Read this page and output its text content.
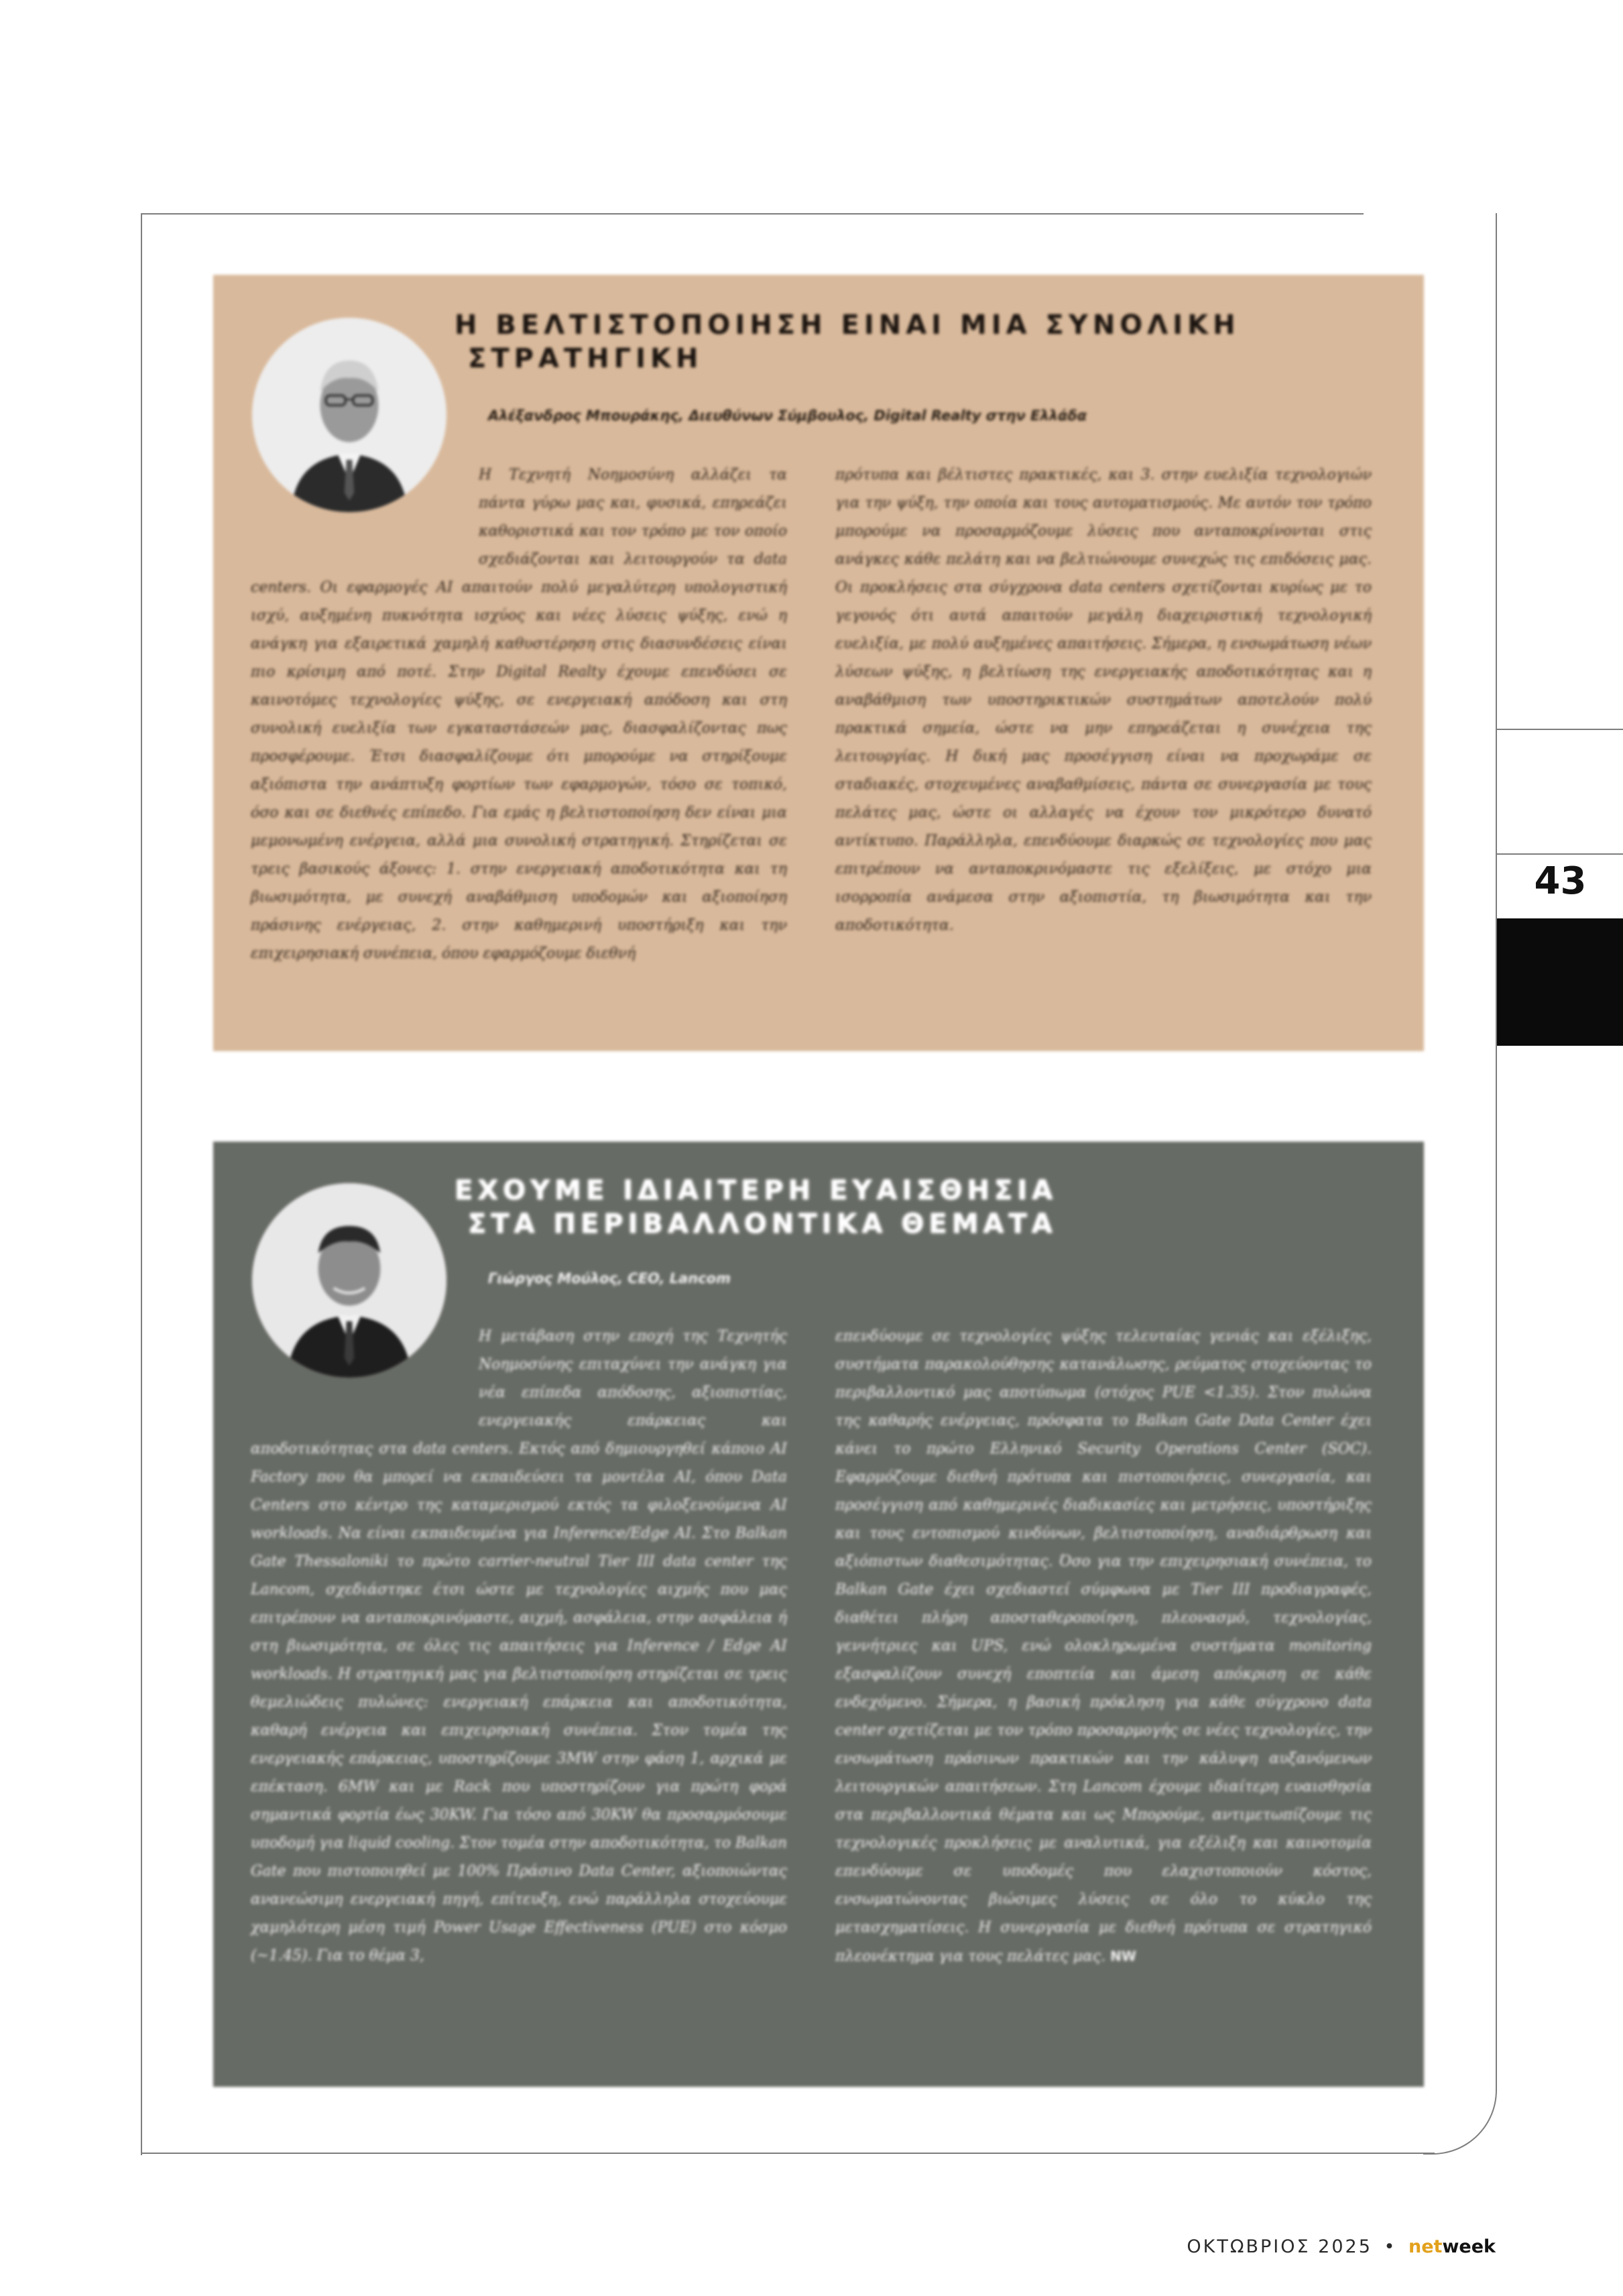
43
Η ΒΕΛΤΙΣΤΟΠΟΙΗΣΗ ΕΙΝΑΙ ΜΙΑ ΣΥΝΟΛΙΚΗ
ΣΤΡΑΤΗΓΙΚΗ
Αλέξανδρος Μπουράκης, Διευθύνων Σύμβουλος, Digital Realty στην Ελλάδα

Η Τεχνητή Νοημοσύνη αλλάζει τα πάντα γύρω μας και, φυσικά, επηρεάζει καθοριστικά και τον τρόπο με τον οποίο σχεδιάζονται και λειτουργούν τα data centers. Οι εφαρμογές AI απαιτούν πολύ μεγαλύτερη υπολογιστική ισχύ, αυξημένη πυκνότητα ισχύος και νέες λύσεις ψύξης, ενώ η ανάγκη για εξαιρετικά χαμηλή καθυστέρηση στις διασυνδέσεις είναι πιο κρίσιμη από ποτέ. Στην Digital Realty έχουμε επενδύσει σε καινοτόμες τεχνολογίες ψύξης, σε ενεργειακή απόδοση και στη συνολική ευελιξία των εγκαταστάσεών μας, διασφαλίζοντας πως προσφέρουμε. Έτσι διασφαλίζουμε ότι μπορούμε να στηρίξουμε αξιόπιστα την ανάπτυξη φορτίων των εφαρμογών, τόσο σε τοπικό, όσο και σε διεθνές επίπεδο. Για εμάς η βελτιστοποίηση δεν είναι μια μεμονωμένη ενέργεια, αλλά μια συνολική στρατηγική. Στηρίζεται σε τρεις βασικούς άξονες: 1. στην ενεργειακή αποδοτικότητα και τη βιωσιμότητα, με συνεχή αναβάθμιση υποδομών και αξιοποίηση πράσινης ενέργειας, 2. στην καθημερινή υποστήριξη και την επιχειρησιακή συνέπεια, όπου εφαρμόζουμε διεθνή

πρότυπα και βέλτιστες πρακτικές, και 3. στην ευελιξία τεχνολογιών για την ψύξη, την οποία και τους αυτοματισμούς. Με αυτόν τον τρόπο μπορούμε να προσαρμόζουμε λύσεις που ανταποκρίνονται στις ανάγκες κάθε πελάτη και να βελτιώνουμε συνεχώς τις επιδόσεις μας. Οι προκλήσεις στα σύγχρονα data centers σχετίζονται κυρίως με το γεγονός ότι αυτά απαιτούν μεγάλη διαχειριστική τεχνολογική ευελιξία, με πολύ αυξημένες απαιτήσεις. Σήμερα, η ενσωμάτωση νέων λύσεων ψύξης, η βελτίωση της ενεργειακής αποδοτικότητας και η αναβάθμιση των υποστηρικτικών συστημάτων αποτελούν πολύ πρακτικά σημεία, ώστε να μην επηρεάζεται η συνέχεια της λειτουργίας. Η δική μας προσέγγιση είναι να προχωράμε σε σταδιακές, στοχευμένες αναβαθμίσεις, πάντα σε συνεργασία με τους πελάτες μας, ώστε οι αλλαγές να έχουν τον μικρότερο δυνατό αντίκτυπο. Παράλληλα, επενδύουμε διαρκώς σε τεχνολογίες που μας επιτρέπουν να ανταποκρινόμαστε τις εξελίξεις, με στόχο μια ισορροπία ανάμεσα στην αξιοπιστία, τη βιωσιμότητα και την αποδοτικότητα.

ΕΧΟΥΜΕ ΙΔΙΑΙΤΕΡΗ ΕΥΑΙΣΘΗΣΙΑ
ΣΤΑ ΠΕΡΙΒΑΛΛΟΝΤΙΚΑ ΘΕΜΑΤΑ
Γιώργος Μούλος, CEO, Lancom

Η μετάβαση στην εποχή της Τεχνητής Νοημοσύνης επιταχύνει την ανάγκη για νέα επίπεδα απόδοσης, αξιοπιστίας, ενεργειακής επάρκειας και αποδοτικότητας στα data centers. Εκτός από δημιουργηθεί κάποιο AI Factory που θα μπορεί να εκπαιδεύσει τα μοντέλα AI, όπου Data Centers στο κέντρο της καταμερισμού εκτός τα φιλοξενούμενα AI workloads. Να είναι εκπαιδευμένα για Inference/Edge AI. Στο Balkan Gate Thessaloniki το πρώτο carrier-neutral Tier III data center της Lancom, σχεδιάστηκε έτσι ώστε με τεχνολογίες αιχμής που μας επιτρέπουν να ανταποκρινόμαστε, αιχμή, ασφάλεια, στην ασφάλεια ή στη βιωσιμότητα, σε όλες τις απαιτήσεις για Inference / Edge AI workloads. Η στρατηγική μας για βελτιστοποίηση στηρίζεται σε τρεις θεμελιώδεις πυλώνες: ενεργειακή επάρκεια και αποδοτικότητα, καθαρή ενέργεια και επιχειρησιακή συνέπεια. Στον τομέα της ενεργειακής επάρκειας, υποστηρίζουμε 3MW στην φάση 1, αρχικά με επέκταση. 6MW και με Rack που υποστηρίζουν για πρώτη φορά σημαντικά φορτία έως 30KW. Για τόσο από 30KW θα προσαρμόσουμε υποδομή για liquid cooling. Στον τομέα στην αποδοτικότητα, το Balkan Gate που πιστοποιηθεί με 100% Πράσινο Data Center, αξιοποιώντας ανανεώσιμη ενεργειακή πηγή, επίτευξη, ενώ παράλληλα στοχεύουμε χαμηλότερη μέση τιμή Power Usage Effectiveness (PUE) στο κόσμο (~1.45). Για το θέμα 3,

επενδύουμε σε τεχνολογίες ψύξης τελευταίας γενιάς και εξέλιξης, συστήματα παρακολούθησης κατανάλωσης, ρεύματος στοχεύοντας το περιβαλλοντικό μας αποτύπωμα (στόχος PUE <1.35). Στον πυλώνα της καθαρής ενέργειας, πρόσφατα το Balkan Gate Data Center έχει κάνει το πρώτο Ελληνικό Security Operations Center (SOC). Εφαρμόζουμε διεθνή πρότυπα και πιστοποιήσεις, συνεργασία, και προσέγγιση από καθημερινές διαδικασίες και μετρήσεις, υποστήριξης και τους εντοπισμού κινδύνων, βελτιστοποίηση, αναδιάρθρωση και αξιόπιστων διαθεσιμότητας. Όσο για την επιχειρησιακή συνέπεια, το Balkan Gate έχει σχεδιαστεί σύμφωνα με Tier III προδιαγραφές, διαθέτει πλήρη αποσταθεροποίηση, πλεονασμό, τεχνολογίας, γεννήτριες και UPS, ενώ ολοκληρωμένα συστήματα monitoring εξασφαλίζουν συνεχή εποπτεία και άμεση απόκριση σε κάθε ενδεχόμενο. Σήμερα, η βασική πρόκληση για κάθε σύγχρονο data center σχετίζεται με τον τρόπο προσαρμογής σε νέες τεχνολογίες, την ενσωμάτωση πράσινων πρακτικών και την κάλυψη αυξανόμενων λειτουργικών απαιτήσεων. Στη Lancom έχουμε ιδιαίτερη ευαισθησία στα περιβαλλοντικά θέματα και ως Μπορούμε, αντιμετωπίζουμε τις τεχνολογικές προκλήσεις με αναλυτικά, για εξέλιξη και καινοτομία επενδύουμε σε υποδομές που ελαχιστοποιούν κόστος, ενσωματώνοντας βιώσιμες λύσεις σε όλο το κύκλο της μετασχηματίσεις. Η συνεργασία με διεθνή πρότυπα σε στρατηγικό πλεονέκτημα για τους πελάτες μας. NW

ΟΚΤΩΒΡΙΟΣ 2025 • netweek
